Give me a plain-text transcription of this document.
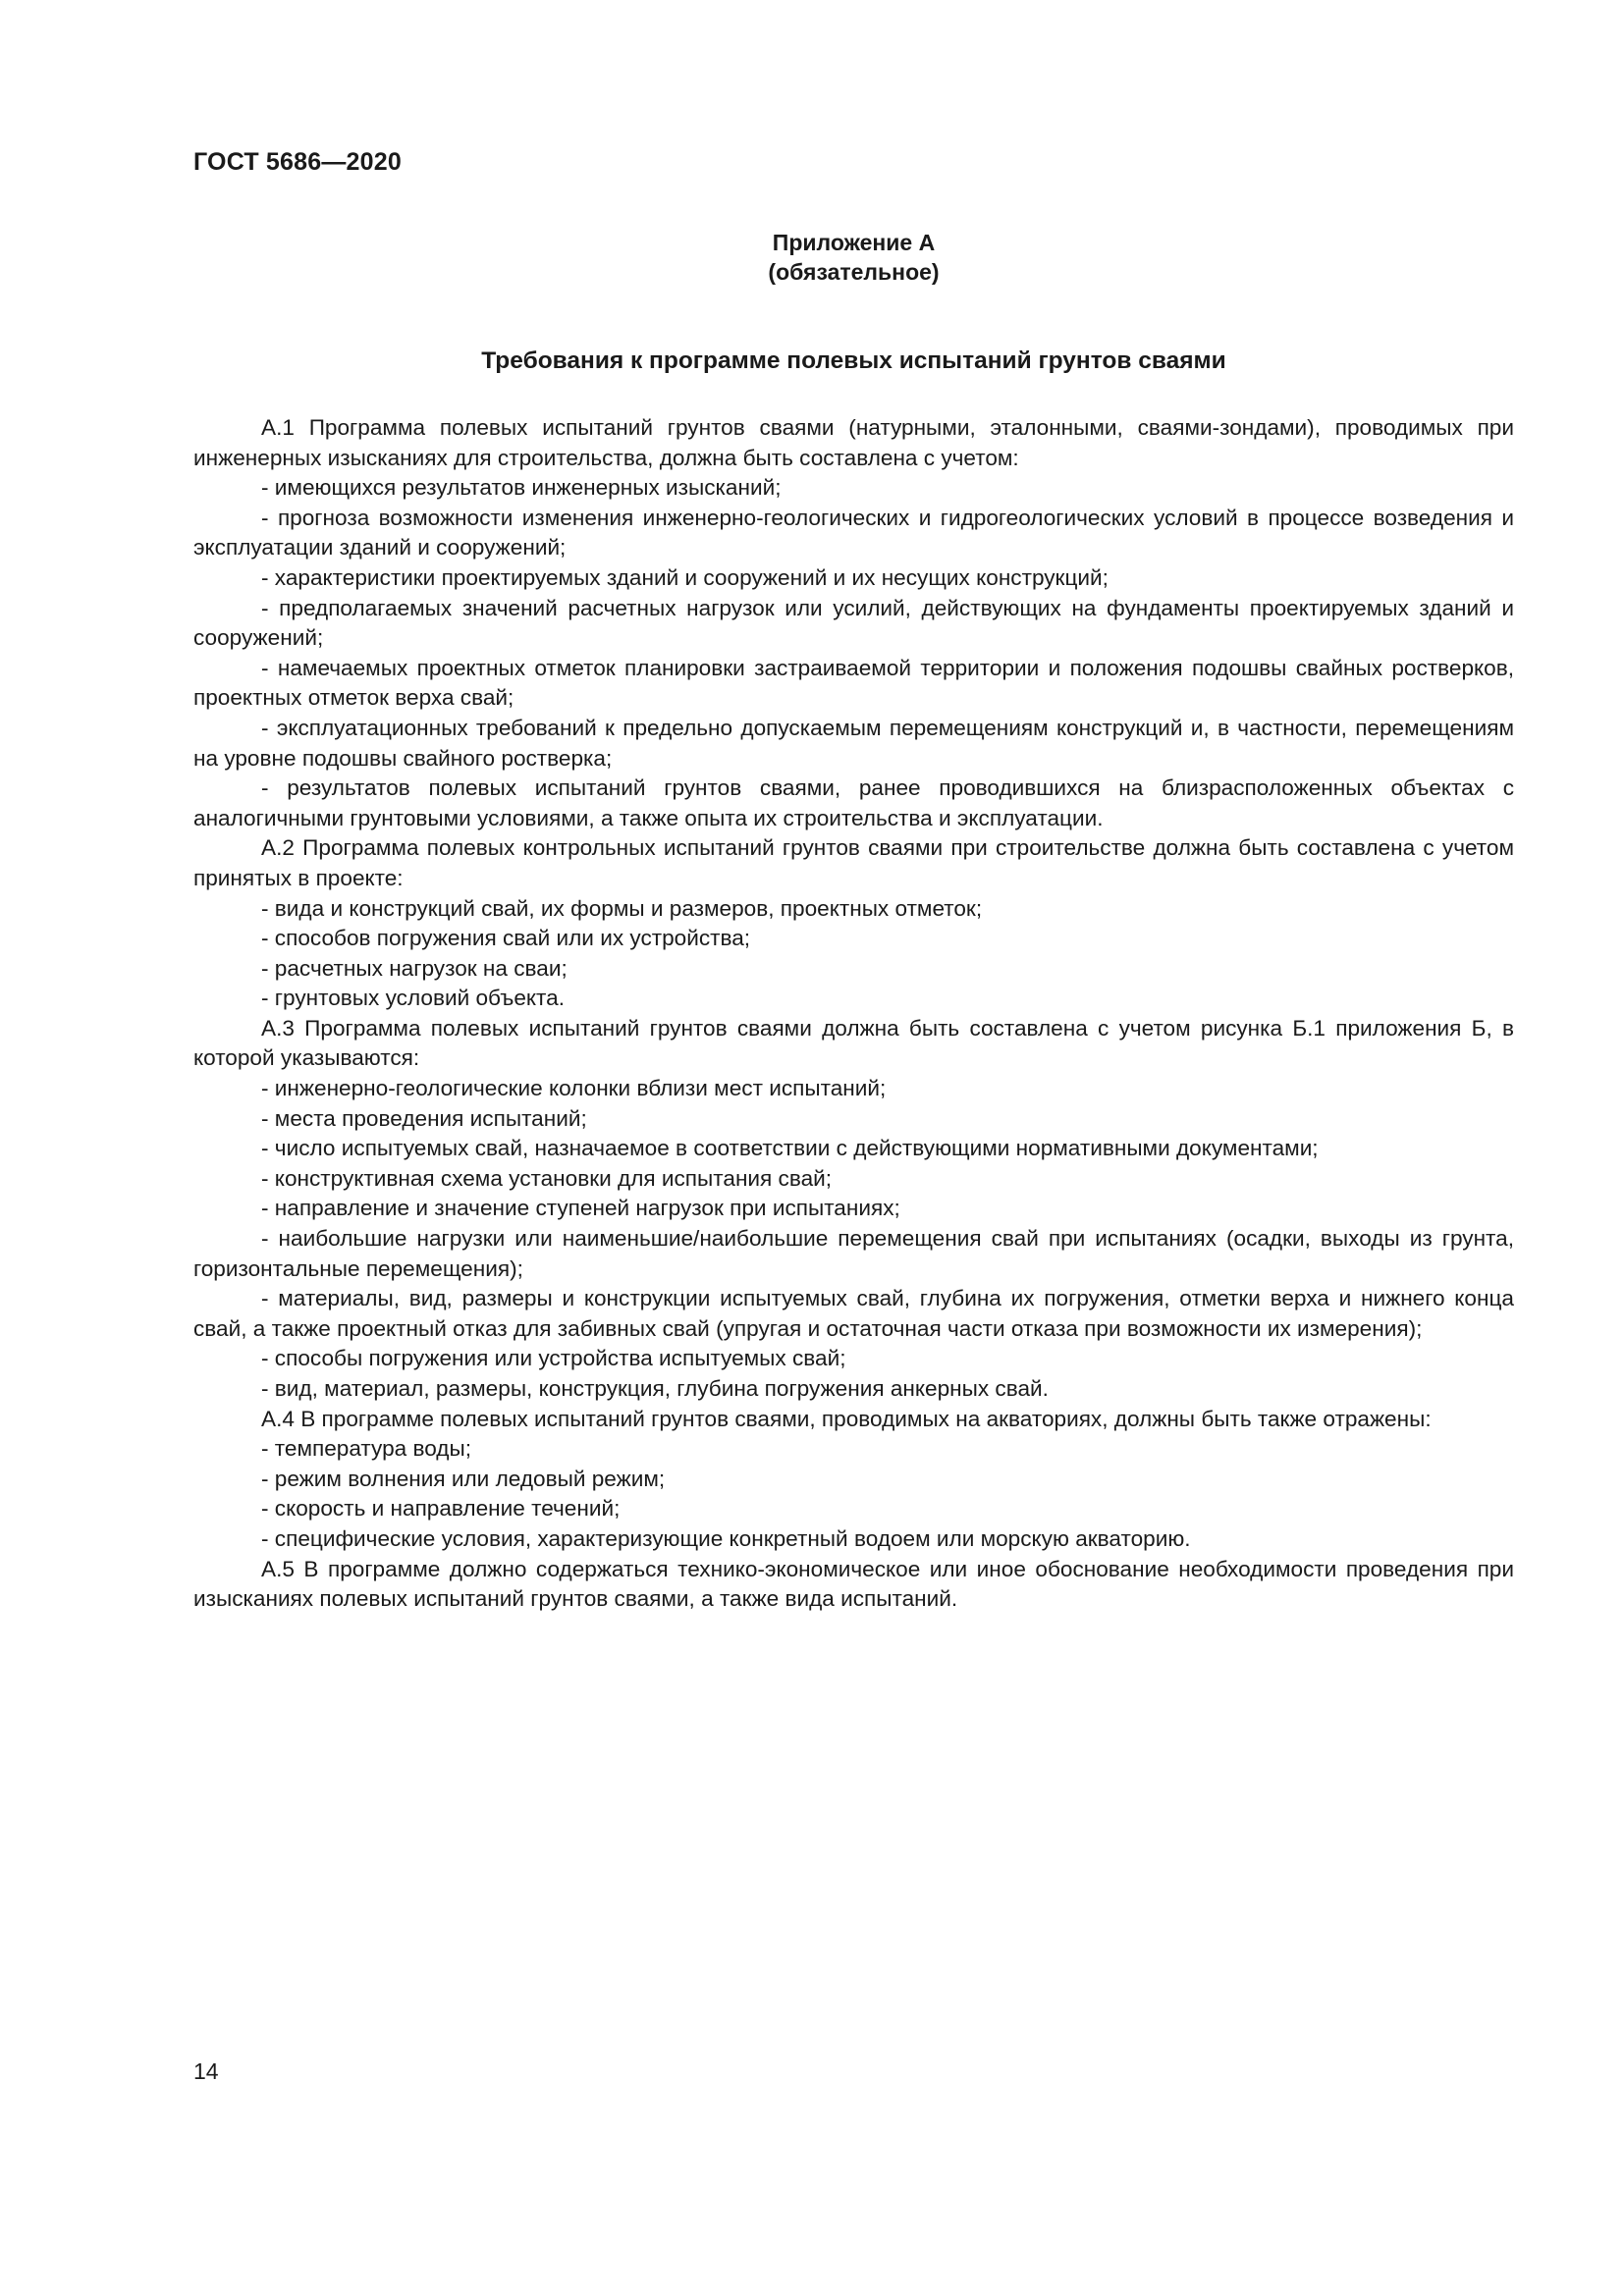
ГОСТ 5686—2020
Приложение А
(обязательное)
Требования к программе полевых испытаний грунтов сваями

А.1 Программа полевых испытаний грунтов сваями (натурными, эталонными, сваями-зондами), проводимых при инженерных изысканиях для строительства, должна быть составлена с учетом:

- имеющихся результатов инженерных изысканий;

- прогноза возможности изменения инженерно-геологических и гидрогеологических условий в процессе возведения и эксплуатации зданий и сооружений;

- характеристики проектируемых зданий и сооружений и их несущих конструкций;

- предполагаемых значений расчетных нагрузок или усилий, действующих на фундаменты проектируемых зданий и сооружений;

- намечаемых проектных отметок планировки застраиваемой территории и положения подошвы свайных ростверков, проектных отметок верха свай;

- эксплуатационных требований к предельно допускаемым перемещениям конструкций и, в частности, перемещениям на уровне подошвы свайного ростверка;

- результатов полевых испытаний грунтов сваями, ранее проводившихся на близрасположенных объектах с аналогичными грунтовыми условиями, а также опыта их строительства и эксплуатации.

А.2 Программа полевых контрольных испытаний грунтов сваями при строительстве должна быть составлена с учетом принятых в проекте:

- вида и конструкций свай, их формы и размеров, проектных отметок;

- способов погружения свай или их устройства;

- расчетных нагрузок на сваи;

- грунтовых условий объекта.

А.3 Программа полевых испытаний грунтов сваями должна быть составлена с учетом рисунка Б.1 приложения Б, в которой указываются:

- инженерно-геологические колонки вблизи мест испытаний;

- места проведения испытаний;

- число испытуемых свай, назначаемое в соответствии с действующими нормативными документами;

- конструктивная схема установки для испытания свай;

- направление и значение ступеней нагрузок при испытаниях;

- наибольшие нагрузки или наименьшие/наибольшие перемещения свай при испытаниях (осадки, выходы из грунта, горизонтальные перемещения);

- материалы, вид, размеры и конструкции испытуемых свай, глубина их погружения, отметки верха и нижнего конца свай, а также проектный отказ для забивных свай (упругая и остаточная части отказа при возможности их измерения);

- способы погружения или устройства испытуемых свай;

- вид, материал, размеры, конструкция, глубина погружения анкерных свай.

А.4 В программе полевых испытаний грунтов сваями, проводимых на акваториях, должны быть также отражены:

- температура воды;

- режим волнения или ледовый режим;

- скорость и направление течений;

- специфические условия, характеризующие конкретный водоем или морскую акваторию.

А.5 В программе должно содержаться технико-экономическое или иное обоснование необходимости проведения при изысканиях полевых испытаний грунтов сваями, а также вида испытаний.

14
